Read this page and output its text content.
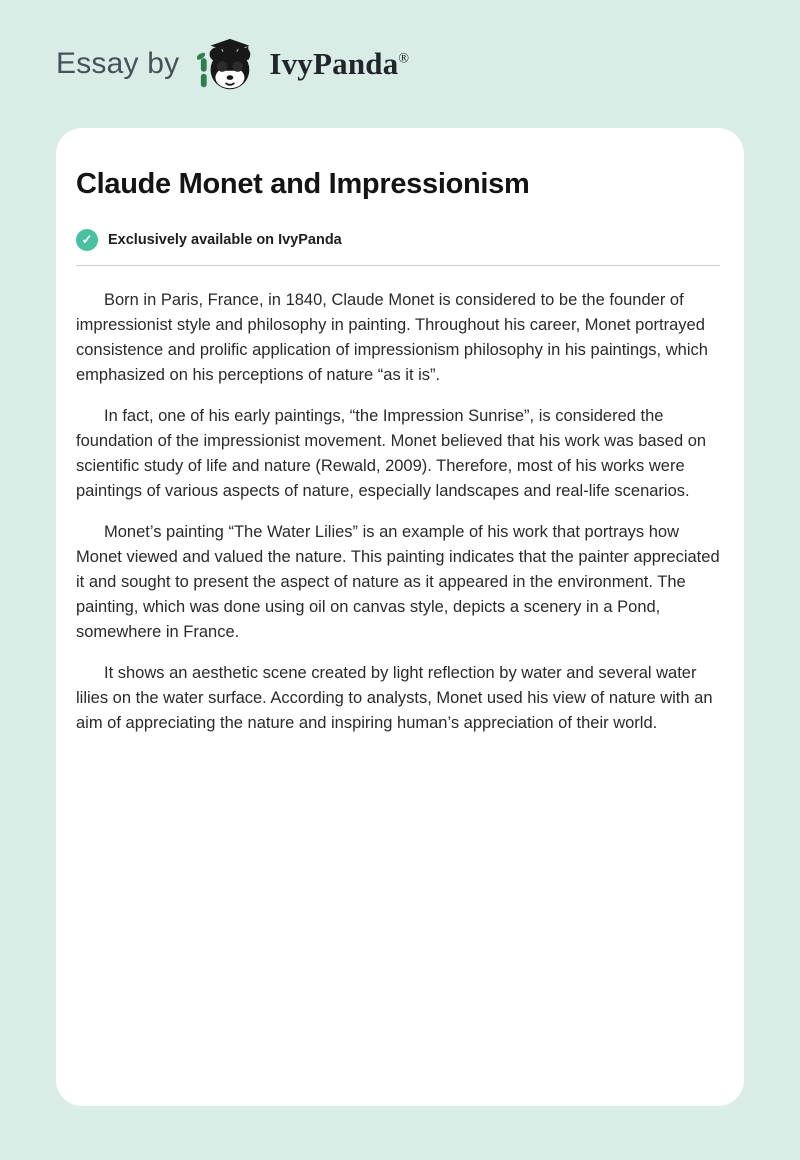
Essay by	IvyPanda®
Claude Monet and Impressionism
✓	Exclusively available on IvyPanda

Born in Paris, France, in 1840, Claude Monet is considered to be the founder of impressionist style and philosophy in painting. Throughout his career, Monet portrayed consistence and prolific application of impressionism philosophy in his paintings, which emphasized on his perceptions of nature “as it is”.

In fact, one of his early paintings, “the Impression Sunrise”, is considered the foundation of the impressionist movement. Monet believed that his work was based on scientific study of life and nature (Rewald, 2009). Therefore, most of his works were paintings of various aspects of nature, especially landscapes and real-life scenarios.

Monet’s painting “The Water Lilies” is an example of his work that portrays how Monet viewed and valued the nature. This painting indicates that the painter appreciated it and sought to present the aspect of nature as it appeared in the environment. The painting, which was done using oil on canvas style, depicts a scenery in a Pond, somewhere in France.

It shows an aesthetic scene created by light reflection by water and several water lilies on the water surface. According to analysts, Monet used his view of nature with an aim of appreciating the nature and inspiring human’s appreciation of their world.
